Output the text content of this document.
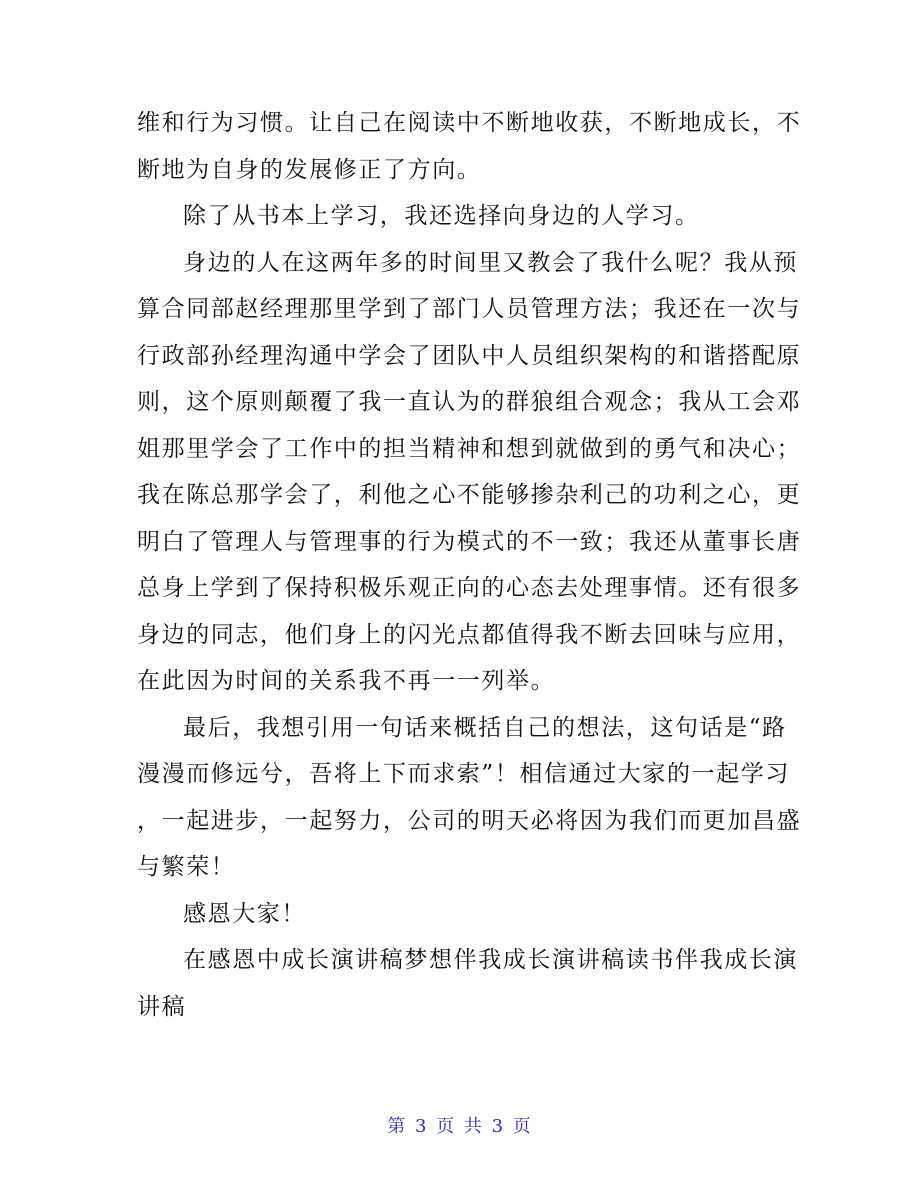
维和行为习惯。让自己在阅读中不断地收获，不断地成长，不
断地为自身的发展修正了方向。
除了从书本上学习，我还选择向身边的人学习。
身边的人在这两年多的时间里又教会了我什么呢？我从预
算合同部赵经理那里学到了部门人员管理方法；我还在一次与
行政部孙经理沟通中学会了团队中人员组织架构的和谐搭配原
则，这个原则颠覆了我一直认为的群狼组合观念；我从工会邓
姐那里学会了工作中的担当精神和想到就做到的勇气和决心；
我在陈总那学会了，利他之心不能够掺杂利己的功利之心，更
明白了管理人与管理事的行为模式的不一致；我还从董事长唐
总身上学到了保持积极乐观正向的心态去处理事情。还有很多
身边的同志，他们身上的闪光点都值得我不断去回味与应用，
在此因为时间的关系我不再一一列举。
最后，我想引用一句话来概括自己的想法，这句话是“路
漫漫而修远兮，吾将上下而求索”！相信通过大家的一起学习
，一起进步，一起努力，公司的明天必将因为我们而更加昌盛
与繁荣！
感恩大家！
在感恩中成长演讲稿梦想伴我成长演讲稿读书伴我成长演
讲稿
第 3 页 共 3 页
